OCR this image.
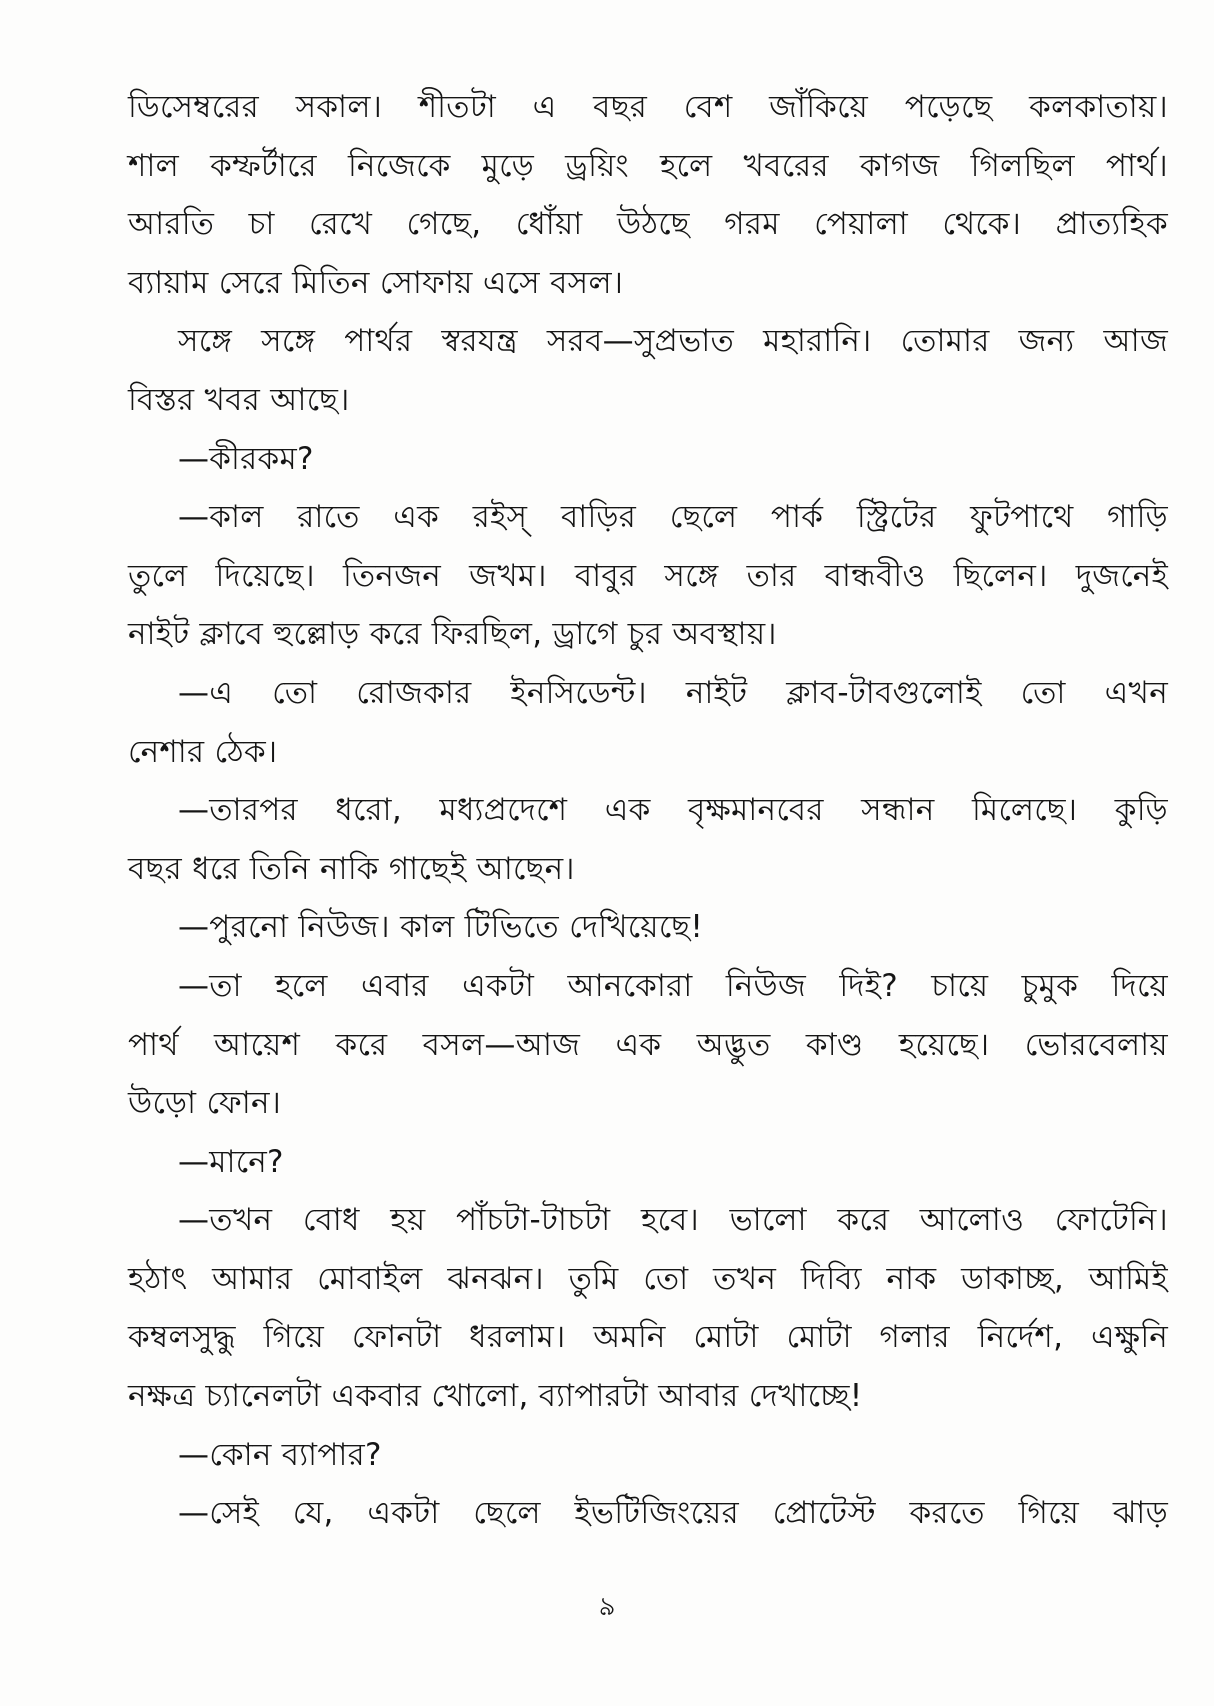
ডিসেম্বরের সকাল। শীতটা এ বছর বেশ জাঁকিয়ে পড়েছে কলকাতায়।
শাল কম্ফর্টারে নিজেকে মুড়ে ড্রয়িং হলে খবরের কাগজ গিলছিল পার্থ।
আরতি চা রেখে গেছে, ধোঁয়া উঠছে গরম পেয়ালা থেকে। প্রাত্যহিক
ব্যায়াম সেরে মিতিন সোফায় এসে বসল।
সঙ্গে সঙ্গে পার্থর স্বরযন্ত্র সরব—সুপ্রভাত মহারানি। তোমার জন্য আজ
বিস্তর খবর আছে।
—কীরকম?
—কাল রাতে এক রইস্ বাড়ির ছেলে পার্ক স্ট্রিটের ফুটপাথে গাড়ি
তুলে দিয়েছে। তিনজন জখম। বাবুর সঙ্গে তার বান্ধবীও ছিলেন। দুজনেই
নাইট ক্লাবে হুল্লোড় করে ফিরছিল, ড্রাগে চুর অবস্থায়।
—এ তো রোজকার ইনসিডেন্ট। নাইট ক্লাব-টাবগুলোই তো এখন
নেশার ঠেক।
—তারপর ধরো, মধ্যপ্রদেশে এক বৃক্ষমানবের সন্ধান মিলেছে। কুড়ি
বছর ধরে তিনি নাকি গাছেই আছেন।
—পুরনো নিউজ। কাল টিভিতে দেখিয়েছে!
—তা হলে এবার একটা আনকোরা নিউজ দিই? চায়ে চুমুক দিয়ে
পার্থ আয়েশ করে বসল—আজ এক অদ্ভুত কাণ্ড হয়েছে। ভোরবেলায়
উড়ো ফোন।
—মানে?
—তখন বোধ হয় পাঁচটা-টাচটা হবে। ভালো করে আলোও ফোটেনি।
হঠাৎ আমার মোবাইল ঝনঝন। তুমি তো তখন দিব্যি নাক ডাকাচ্ছ, আমিই
কম্বলসুদ্ধু গিয়ে ফোনটা ধরলাম। অমনি মোটা মোটা গলার নির্দেশ, এক্ষুনি
নক্ষত্র চ্যানেলটা একবার খোলো, ব্যাপারটা আবার দেখাচ্ছে!
—কোন ব্যাপার?
—সেই যে, একটা ছেলে ইভটিজিংয়ের প্রোটেস্ট করতে গিয়ে ঝাড়
৯
